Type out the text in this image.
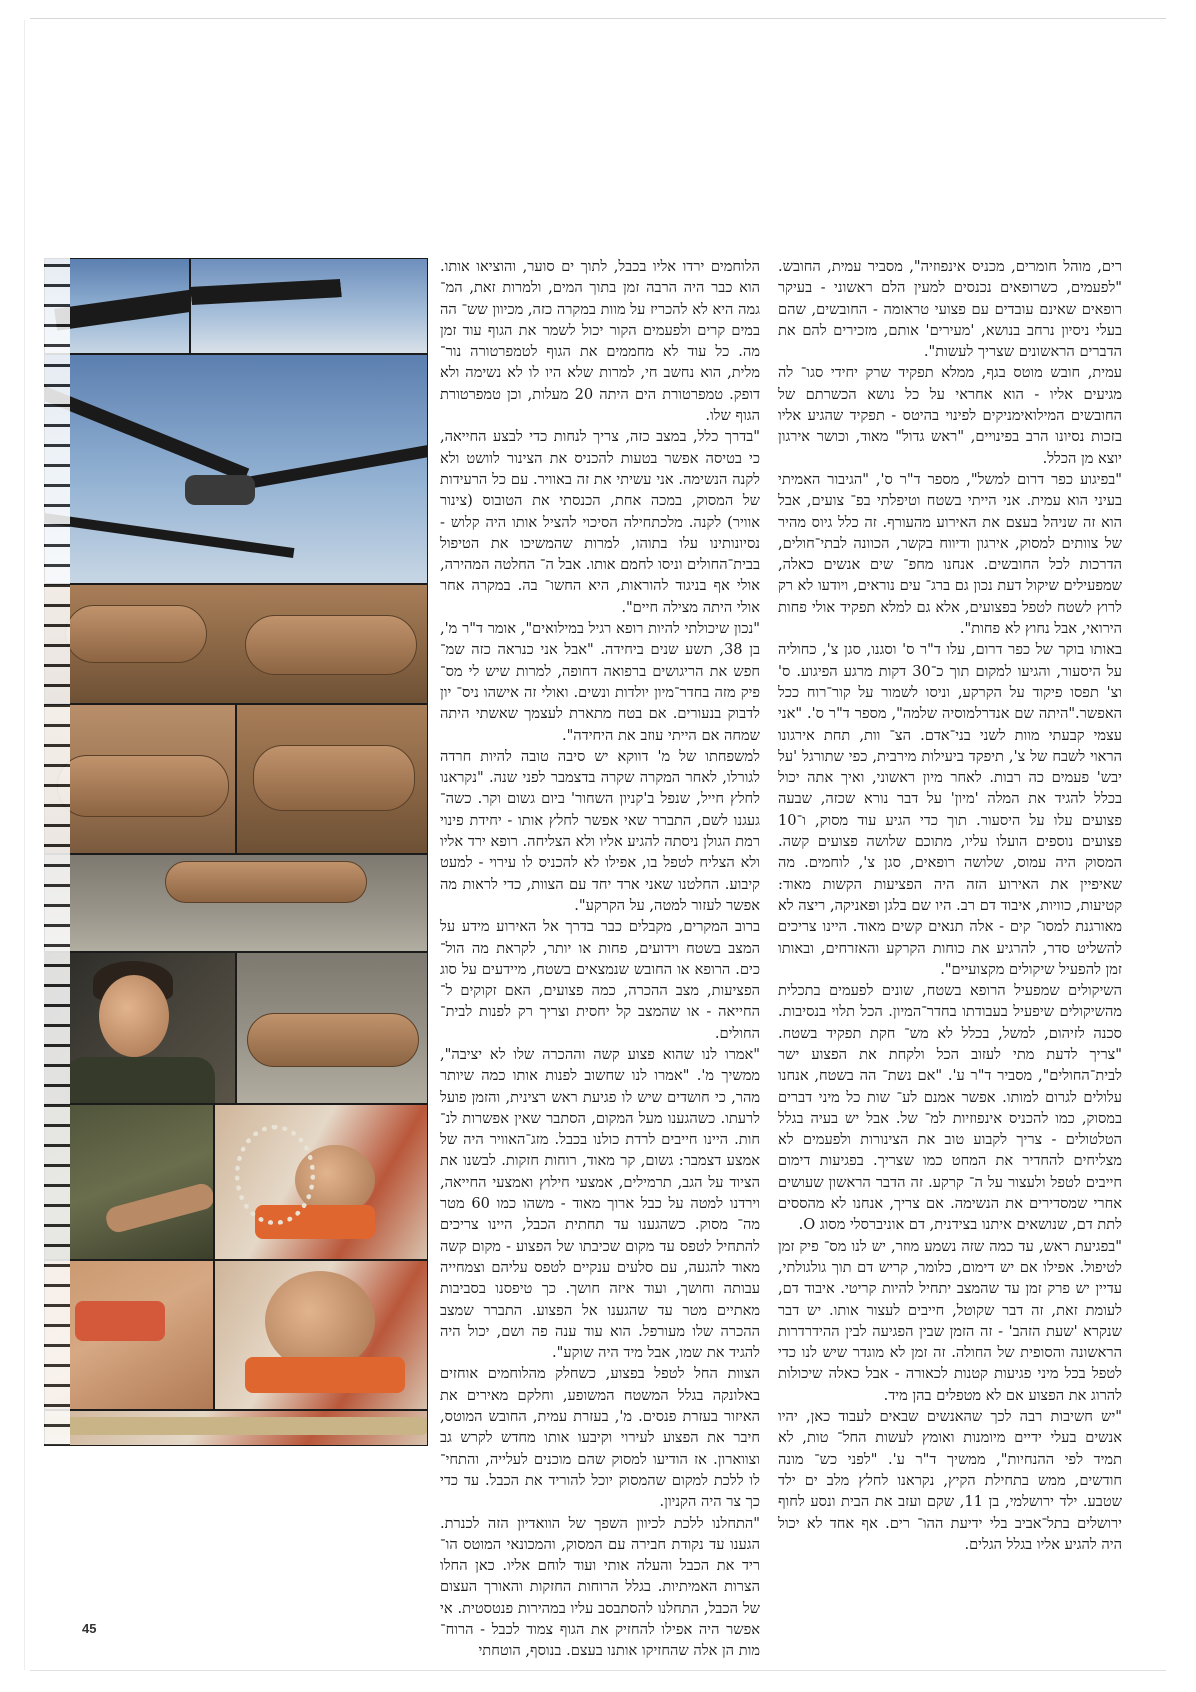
הלוחמים ירדו אליו בכבל, לתוך ים סוער, והוציאו אותו. הוא כבר היה הרבה זמן בתוך המים, ולמרות זאת, המ־ גמה היא לא להכריז על מוות במקרה כזה, מכיוון שש־ הה במים קרים ולפעמים הקור יכול לשמר את הגוף עוד זמן מה. כל עוד לא מחממים את הגוף לטמפרטורה נור־ מלית, הוא נחשב חי, למרות שלא היו לו לא נשימה ולא דופק. טמפרטורת הים היתה 20 מעלות, וכן טמפרטורת הגוף שלו.

"בדרך כלל, במצב כזה, צריך לנחות כדי לבצע החייאה, כי בטיסה אפשר בטעות להכניס את הצינור לוושט ולא לקנה הנשימה. אני עשיתי את זה באוויר. עם כל הרעידות של המסוק, במכה אחת, הכנסתי את הטובוס (צינור אוויר) לקנה. מלכתחילה הסיכוי להציל אותו היה קלוש - נסיונותינו עלו בתוהו, למרות שהמשיכו את הטיפול בבית־החולים וניסו לחמם אותו. אבל ה־ החלטה המהירה, אולי אף בניגוד להוראות, היא החשו־ בה. במקרה אחר אולי היתה מצילה חיים".

"נכון שיכולתי להיות רופא רגיל במילואים", אומר ד"ר מ', בן 38, תשע שנים ביחידה. "אבל אני כנראה כזה שמ־ חפש את הריגושים ברפואה דחופה, למרות שיש לי מס־ פיק מזה בחדר־מיון יולדות ונשים. ואולי זה אישהו ניס־ יון לדבוק בנעורים. אם בטח מתארת לעצמך שאשתי היתה שמחה אם הייתי עוזב את היחידה".

למשפחתו של מ' דווקא יש סיבה טובה להיות חרדה לגורלו, לאחר המקרה שקרה בדצמבר לפני שנה. "נקראנו לחלץ חייל, שנפל ב'קניון השחור' ביום גשום וקר. כשה־ געגנו לשם, התברר שאי אפשר לחלץ אותו - יחידת פינוי רמת הגולן ניסתה להגיע אליו ולא הצליחה. רופא ירד אליו ולא הצליח לטפל בו, אפילו לא להכניס לו עירוי - למעט קיבוע. החלטנו שאני ארד יחד עם הצוות, כדי לראות מה אפשר לעזור למטה, על הקרקע".

ברוב המקרים, מקבלים כבר בדרך אל האירוע מידע על המצב בשטח וידועים, פחות או יותר, לקראת מה הול־ כים. הרופא או החובש שנמצאים בשטח, מיידעים על סוג הפציעות, מצב ההכרה, כמה פצועים, האם זקוקים ל־ החייאה - או שהמצב קל יחסית וצריך רק לפנות לבית־ החולים.

"אמרו לנו שהוא פצוע קשה וההכרה שלו לא יציבה", ממשיך מ'. "אמרו לנו שחשוב לפנות אותו כמה שיותר מהר, כי חושדים שיש לו פגיעת ראש רצינית, והזמן פועל לרעתו. כשהגענו מעל המקום, הסתבר שאין אפשרות לנ־ חות. היינו חייבים לרדת כולנו בכבל. מזג־האוויר היה של אמצע דצמבר: גשום, קר מאוד, רוחות חזקות. לבשנו את הציוד על הגב, תרמילים, אמצעי חילוץ ואמצעי החייאה, וירדנו למטה על כבל ארוך מאוד - משהו כמו 60 מטר מה־ מסוק. כשהגענו עד תחתית הכבל, היינו צריכים להתחיל לטפס עד מקום שכיבתו של הפצוע - מקום קשה מאוד להגעה, עם סלעים ענקיים לטפס עליהם וצמחייה עבותה וחושך, ועוד איזה חושך. כך טיפסנו בסביבות מאתיים מטר עד שהגענו אל הפצוע. התברר שמצב ההכרה שלו מעורפל. הוא עוד ענה פה ושם, יכול היה להגיד את שמו, אבל מיד היה שוקע".

הצוות החל לטפל בפצוע, כשחלק מהלוחמים אוחזים באלונקה בגלל המשטח המשופע, וחלקם מאירים את האיזור בעזרת פנסים. מ', בעזרת עמית, החובש המוטס, חיבר את הפצוע לעירוי וקיבעו אותו מחדש לקרש גב וצווארון. אז הודיעו למסוק שהם מוכנים לעלייה, והתחי־ לו ללכת למקום שהמסוק יוכל להוריד את הכבל. עד כדי כך צר היה הקניון.

"התחלנו ללכת לכיוון השפך של הוואדיון הזה לכנרת. הגענו עד נקודת חבירה עם המסוק, והמכונאי המוטס הו־ ריד את הכבל והעלה אותי ועוד לוחם אליו. כאן החלו הצרות האמיתיות. בגלל הרוחות החזקות והאורך העצום של הכבל, התחלנו להסתבסב עליו במהירות פנטסטית. אי אפשר היה אפילו להחזיק את הגוף צמוד לכבל - הרוח־ מות הן אלה שהחזיקו אותנו בעצם. בנוסף, הוטחתי

רים, מוהל חומרים, מכניס אינפוזיה", מסביר עמית, החובש. "לפעמים, כשרופאים נכנסים למעין הלם ראשוני - בעיקר רופאים שאינם עובדים עם פצועי טראומה - החובשים, שהם בעלי ניסיון נרחב בנושא, 'מעירים' אותם, מזכירים להם את הדברים הראשונים שצריך לעשות".

עמית, חובש מוטס בגף, ממלא תפקיד שרק יחידי סגו־ לה מגיעים אליו - הוא אחראי על כל נושא הכשרתם של החובשים המילואימניקים לפינוי בהיטס - תפקיד שהגיע אליו בזכות נסיונו הרב בפינויים, "ראש גדול" מאוד, וכושר אירגון יוצא מן הכלל.

"בפיגוע כפר דרום למשל", מספר ד"ר ס', "הגיבור האמיתי בעיני הוא עמית. אני הייתי בשטח וטיפלתי בפ־ צועים, אבל הוא זה שניהל בעצם את האירוע מהעורף. זה כלל גיוס מהיר של צוותים למסוק, אירגון ודיווח בקשר, הכוונה לבתי־חולים, הדרכות לכל החובשים. אנחנו מחפ־ שים אנשים כאלה, שמפעילים שיקול דעת נכון גם ברג־ עים נוראים, ויודעו לא רק לרוץ לשטח לטפל בפצועים, אלא גם למלא תפקיד אולי פחות הירואי, אבל נחוץ לא פחות".

באותו בוקר של כפר דרום, עלו ד"ר ס' וסגנו, סגן צ', כחוליה על היסעור, והגיעו למקום תוך כ־30 דקות מרגע הפיגוע. ס' וצ' תפסו פיקוד על הקרקע, וניסו לשמור על קור־רוח ככל האפשר."היתה שם אנדרלמוסיה שלמה", מספר ד"ר ס'. "אני עצמי קבעתי מוות לשני בני־אדם. הצ־ וות, תחת אירגונו הראוי לשבח של צ', תיפקד ביעילות מירבית, כפי שתורגל 'על יבש' פעמים כה רבות. לאחר מיון ראשוני, ואיך אתה יכול בכלל להגיד את המלה 'מיון' על דבר נורא שכזה, שבעה פצועים עלו על היסעור. תוך כדי הגיע עוד מסוק, ו־10 פצועים נוספים הועלו עליו, מתוכם שלושה פצועים קשה. המסוק היה עמוס, שלושה רופאים, סגן צ', לוחמים. מה שאיפיין את האירוע הזה היה הפציעות הקשות מאוד: קטיעות, כוויות, איבוד דם רב. היו שם בלגן ופאניקה, ריצה לא מאורגנת למסו־ קים - אלה תנאים קשים מאוד. היינו צריכים להשליט סדר, להרגיע את כוחות הקרקע והאזרחים, ובאותו זמן להפעיל שיקולים מקצועיים".

השיקולים שמפעיל הרופא בשטח, שונים לפעמים בתכלית מהשיקולים שיפעיל בעבודתו בחדר־המיון. הכל תלוי בנסיבות. סכנה לזיהום, למשל, בכלל לא מש־ חקת תפקיד בשטח. "צריך לדעת מתי לעזוב הכל ולקחת את הפצוע ישר לבית־החולים", מסביר ד"ר ע'. "אם נשת־ הה בשטח, אנחנו עלולים לגרום למותו. אפשר אמנם לע־ שות כל מיני דברים במסוק, כמו להכניס אינפוזיות למ־ של. אבל יש בעיה בגלל הטלטולים - צריך לקבוע טוב את הצינורות ולפעמים לא מצליחים להחדיר את המחט כמו שצריך. בפגיעות דימום חייבים לטפל ולעצור על ה־ קרקע. זה הדבר הראשון שעושים אחרי שמסדירים את הנשימה. אם צריך, אנחנו לא מהססים לתת דם, שנושאים איתנו בצידנית, דם אוניברסלי מסוג O.

"בפגיעת ראש, עד כמה שזה נשמע מוזר, יש לנו מס־ פיק זמן לטיפול. אפילו אם יש דימום, כלומר, קריש דם תוך גולגולתי, עדיין יש פרק זמן עד שהמצב יתחיל להיות קריטי. איבוד דם, לעומת זאת, זה דבר שקוטל, חייבים לעצור אותו. יש דבר שנקרא 'שעת הזהב' - זה הזמן שבין הפגיעה לבין ההידרדרות הראשונה והסופית של החולה. זה זמן לא מוגדר שיש לנו כדי לטפל בכל מיני פגיעות קטנות לכאורה - אבל כאלה שיכולות להרוג את הפצוע אם לא מטפלים בהן מיד.

"יש חשיבות רבה לכך שהאנשים שבאים לעבוד כאן, יהיו אנשים בעלי ידיים מיומנות ואומץ לעשות החל־ טות, לא תמיד לפי ההנחיות", ממשיך ד"ר ע'. "לפני כש־ מונה חודשים, ממש בתחילת הקיץ, נקראנו לחלץ מלב ים ילד שטבע. ילד ירושלמי, בן 11, שקם ועזב את הבית ונסע לחוף ירושלים בתל־אביב בלי ידיעת ההו־ רים. אף אחד לא יכול היה להגיע אליו בגלל הגלים.

45
